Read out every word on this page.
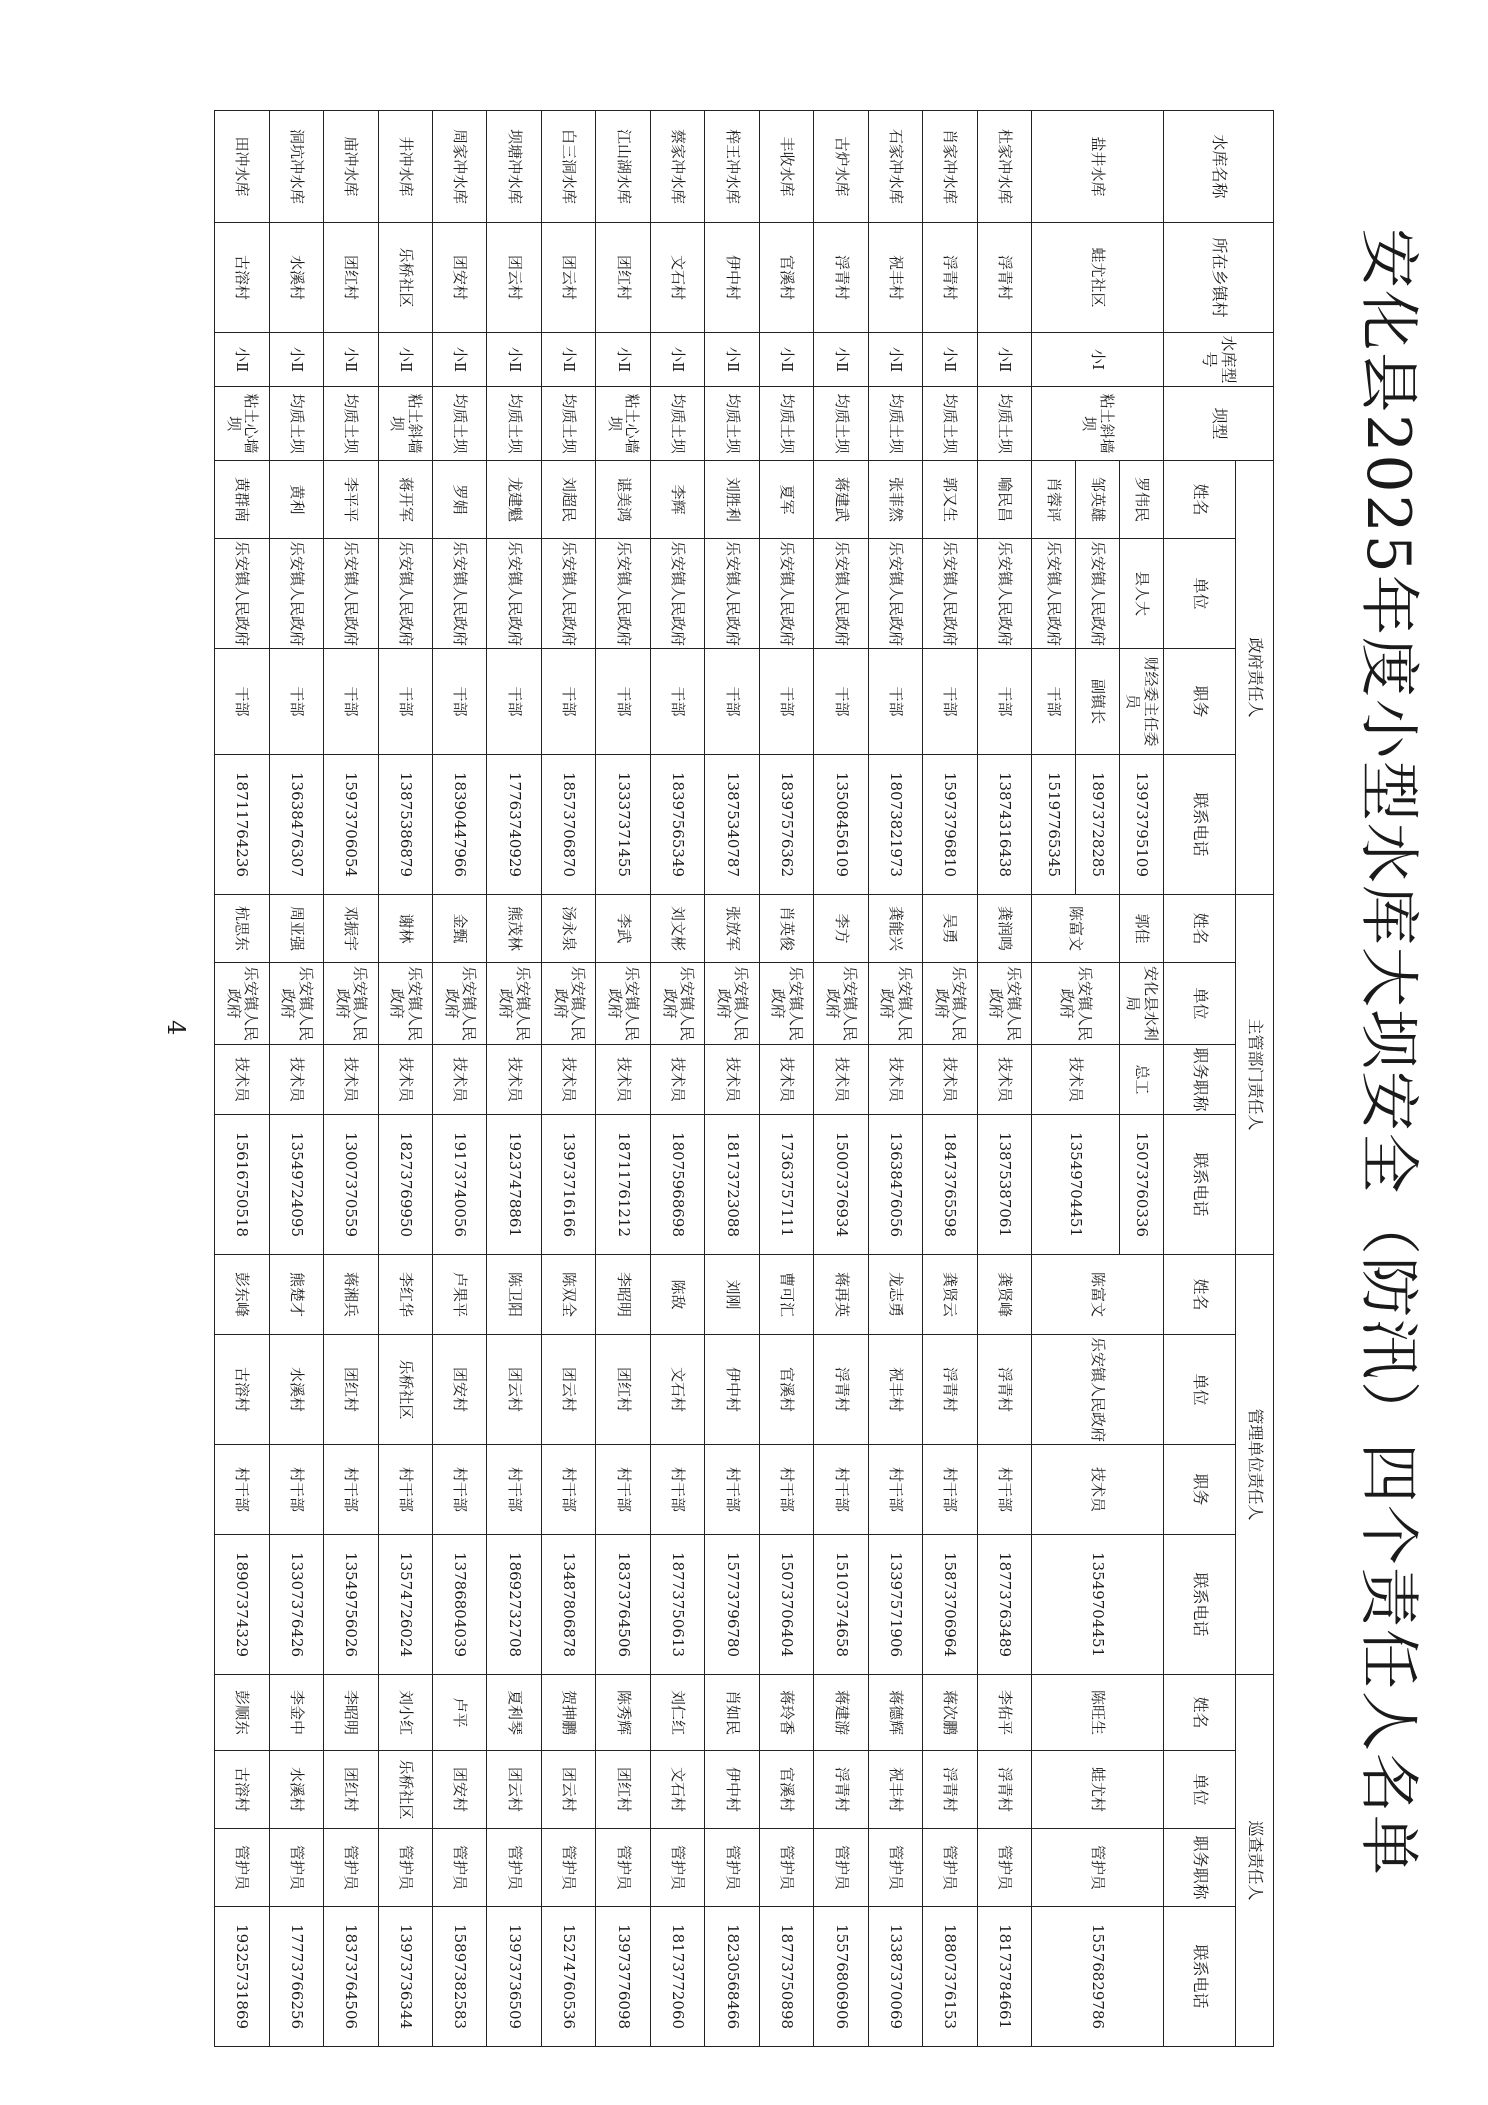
安化县2025年度小型水库大坝安全（防汛）四个责任人名单
水库名称	所在乡镇村	水库型号	坝型	政府责任人				主管部门责任人				管理单位责任人				巡查责任人			
				姓名	单位	职务	联系电话	姓名	单位	职务职称	联系电话	姓名	单位	职务	联系电话	姓名	单位	职务职称	联系电话
盐井水库	蛙尤社区	小Ⅰ	粘土斜墙坝	罗伟民	县人大	财经委主任委员	13973795109	郭佳	安化县水利局	总工	15073760336	陈富文	乐安镇人民政府	技术员	13549704451	陈旺生	蛙尤村	管护员	15576829786
				邹英雄	乐安镇人民政府	副镇长	18973728285	陈富文	乐安镇人民政府	技术员	13549704451								
				肖蓉评	乐安镇人民政府	干部	15197765345												
杜家冲水库	浮青村	小Ⅱ	均质土坝	喻民昌	乐安镇人民政府	干部	13874316438	龚润鸣	乐安镇人民政府	技术员	13875387061	龚贤峰	浮青村	村干部	18773763489	李佑平	浮青村	管护员	18173784661
肖家冲水库	浮青村	小Ⅱ	均质土坝	郭又生	乐安镇人民政府	干部	15973796810	吴勇	乐安镇人民政府	技术员	18473765598	龚贤云	浮青村	村干部	15873706964	蒋次鹏	浮青村	管护员	18807376153
石家冲水库	祝丰村	小Ⅱ	均质土坝	张菲然	乐安镇人民政府	干部	18073821973	龚能兴	乐安镇人民政府	技术员	13638476056	龙志勇	祝丰村	村干部	13397571906	蒋德辉	祝丰村	管护员	13387370069
古炉水库	浮青村	小Ⅱ	均质土坝	蒋建武	乐安镇人民政府	干部	13508456109	李方	乐安镇人民政府	技术员	15007376934	蒋再英	浮青村	村干部	15107374658	蒋建游	浮青村	管护员	15576806906
丰收水库	官溪村	小Ⅱ	均质土坝	夏军	乐安镇人民政府	干部	18397576362	肖英俊	乐安镇人民政府	技术员	17363757111	曹可汇	官溪村	村干部	15073706404	蒋玲香	官溪村	管护员	18773750898
梓王冲水库	伊中村	小Ⅱ	均质土坝	刘胜利	乐安镇人民政府	干部	13875340787	张放军	乐安镇人民政府	技术员	18173723088	刘刚	伊中村	村干部	15773796780	肖如民	伊中村	管护员	18230568466
蔡家冲水库	文石村	小Ⅱ	均质土坝	李辉	乐安镇人民政府	干部	18397565349	刘文彬	乐安镇人民政府	技术员	18075968698	陈敌	文石村	村干部	18773750613	刘仁红	文石村	管护员	18173772060
江山湖水库	团红村	小Ⅱ	粘土心墙坝	谌美鸿	乐安镇人民政府	干部	13337371455	李武	乐安镇人民政府	技术员	18711761212	李昭明	团红村	村干部	18373764506	陈秀辉	团红村	管护员	13973776098
白三洞水库	团云村	小Ⅱ	均质土坝	刘超民	乐安镇人民政府	干部	18573706870	汤永泉	乐安镇人民政府	技术员	13973716166	陈双全	团云村	村干部	13487806878	贺抻鹏	团云村	管护员	15274760536
坝塘冲水库	团云村	小Ⅱ	均质土坝	龙建魁	乐安镇人民政府	干部	17763740929	熊茂林	乐安镇人民政府	技术员	19237478861	陈卫阳	团云村	村干部	18692732708	夏利琴	团云村	管护员	13973736509
周家冲水库	团安村	小Ⅱ	均质土坝	罗娟	乐安镇人民政府	干部	18390447966	金甄	乐安镇人民政府	技术员	19173740056	卢果平	团安村	村干部	13786804039	卢平	团安村	管护员	15897382583
井冲水库	乐桥社区	小Ⅱ	粘土斜墙坝	蒋开军	乐安镇人民政府	干部	13875386879	谢林	乐安镇人民政府	技术员	18273769950	李红华	乐桥社区	村干部	13574726024	刘小红	乐桥社区	管护员	13973736344
庙冲水库	团红村	小Ⅱ	均质土坝	李平平	乐安镇人民政府	干部	15973706054	邓振宇	乐安镇人民政府	技术员	13007370559	蒋湘兵	团红村	村干部	13549756026	李昭明	团红村	管护员	18373764506
洞坑冲水库	水溪村	小Ⅱ	均质土坝	黄利	乐安镇人民政府	干部	13638476307	周亚强	乐安镇人民政府	技术员	13549724095	熊楚才	水溪村	村干部	13307376426	李金中	水溪村	管护员	17773766256
田冲水库	古溶村	小Ⅱ	粘土心墙坝	黄群南	乐安镇人民政府	干部	18711764236	杭思东	乐安镇人民政府	技术员	15616750518	彭东峰	古溶村	村干部	18907374329	彭顺东	古溶村	管护员	19325731869
4
